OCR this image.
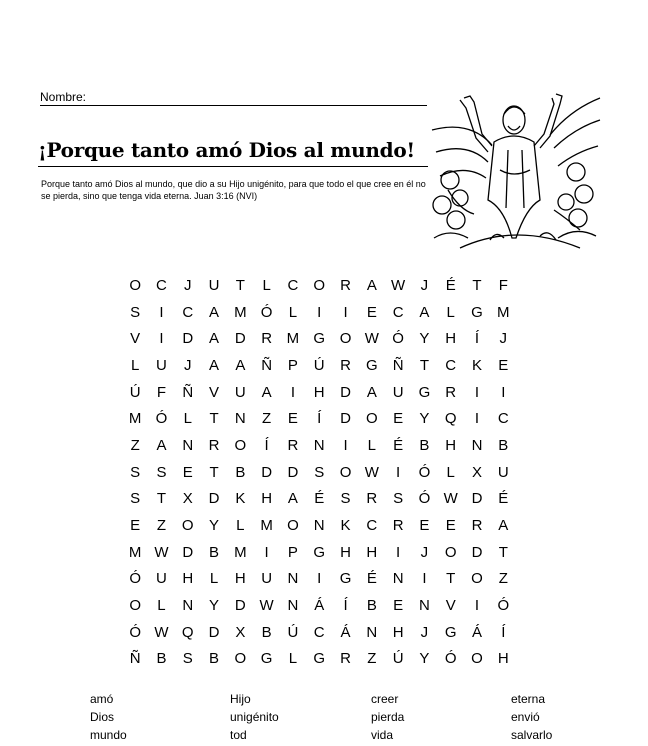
Nombre:
¡Porque tanto amó Dios al mundo!
Porque tanto amó Dios al mundo, que dio a su Hijo unigénito, para que todo el que cree en él no se pierda, sino que tenga vida eterna. Juan 3:16 (NVI)
O	C	J	U	T	L	C	O	R	A W	J	É	T	F
S	I	C	A	M Ó	L	I	I	E	C	A	L	G M
V	I	D	A	D	R M G O W Ó	Y	H	Í	J
L	U	J	A	A	Ñ	P	Ú	R	G	Ñ	T	C	K	E
Ú	F	Ñ	V	U	A	I	H	D	A	U	G	R	I	I
M Ó	L	T	N	Z	E	Í	D	O	E	Y	Q	I	C
Z	A	N	R	O	Í	R	N	I	L	É	B	H	N	B
S	S	E	T	B	D	D	S	O W	I	Ó	L	X	U
S	T	X	D	K	H	A	É	S	R	S	Ó W D	É
E	Z	O	Y	L	M O	N	K	C	R	E	E	R	A
M W D	B	M	I	P	G	H	H	I	J	O	D	T
Ó	U	H	L	H	U	N	I	G	É	N	I	T	O	Z
O	L	N	Y	D W N	Á	Í	B	E	N	V	I	Ó
Ó W Q	D	X	B	Ú	C	Á	N	H	J	G	Á	Í
Ñ	B	S	B	O G	L	G	R	Z	Ú	Y	Ó O	H
amó	Hijo	creer	eterna
Dios	unigénito	pierda	envió
mundo	tod	vida	salvarlo
